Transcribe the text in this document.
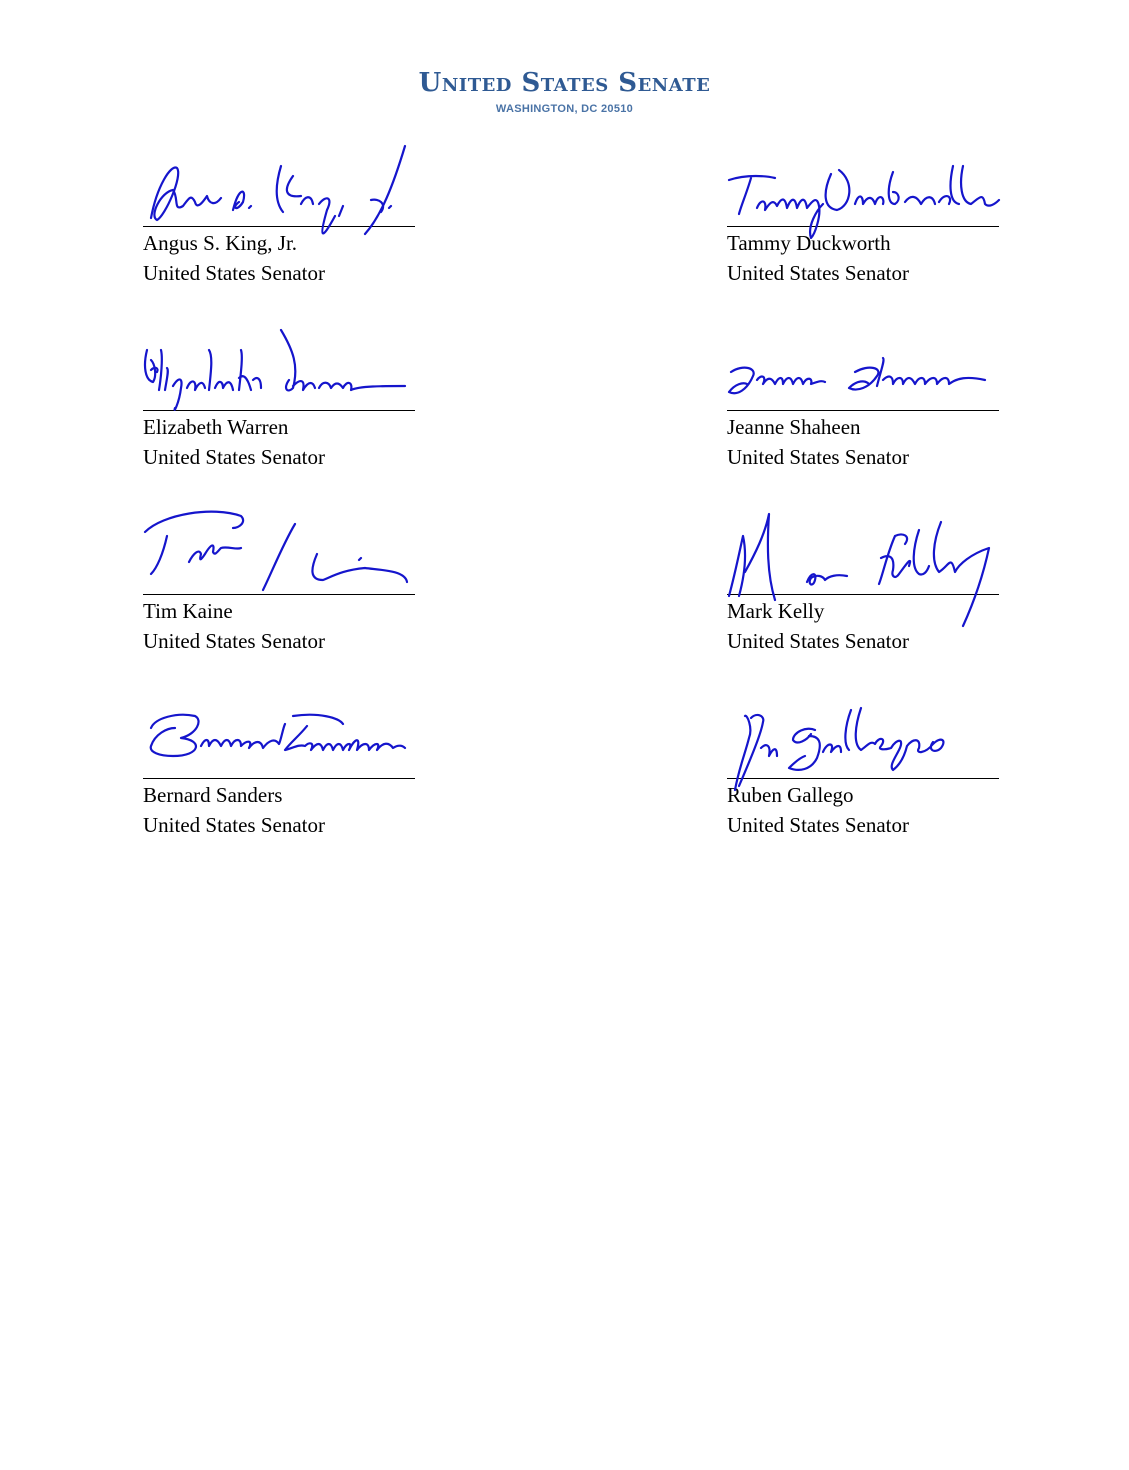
United States Senate
WASHINGTON, DC 20510
Angus S. King, Jr.
United States Senator
Tammy Duckworth
United States Senator
Elizabeth Warren
United States Senator
Jeanne Shaheen
United States Senator
Tim Kaine
United States Senator
Mark Kelly
United States Senator
Bernard Sanders
United States Senator
Ruben Gallego
United States Senator
